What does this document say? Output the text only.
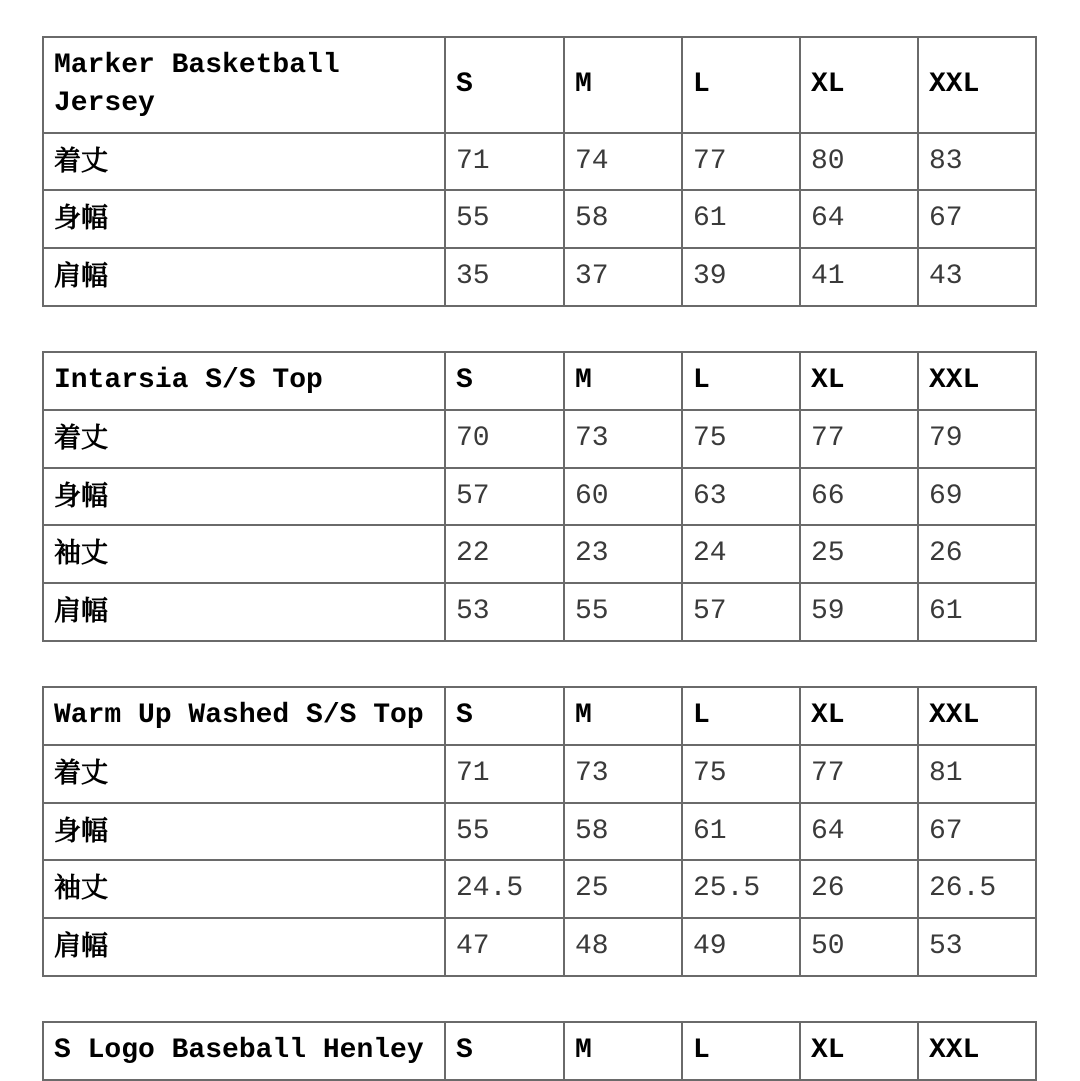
Marker Basketball Jersey	S	M	L	XL	XXL
着丈	71	74	77	80	83
身幅	55	58	61	64	67
肩幅	35	37	39	41	43
Intarsia S/S Top	S	M	L	XL	XXL
着丈	70	73	75	77	79
身幅	57	60	63	66	69
袖丈	22	23	24	25	26
肩幅	53	55	57	59	61
Warm Up Washed S/S Top	S	M	L	XL	XXL
着丈	71	73	75	77	81
身幅	55	58	61	64	67
袖丈	24.5	25	25.5	26	26.5
肩幅	47	48	49	50	53
S Logo Baseball Henley	S	M	L	XL	XXL
